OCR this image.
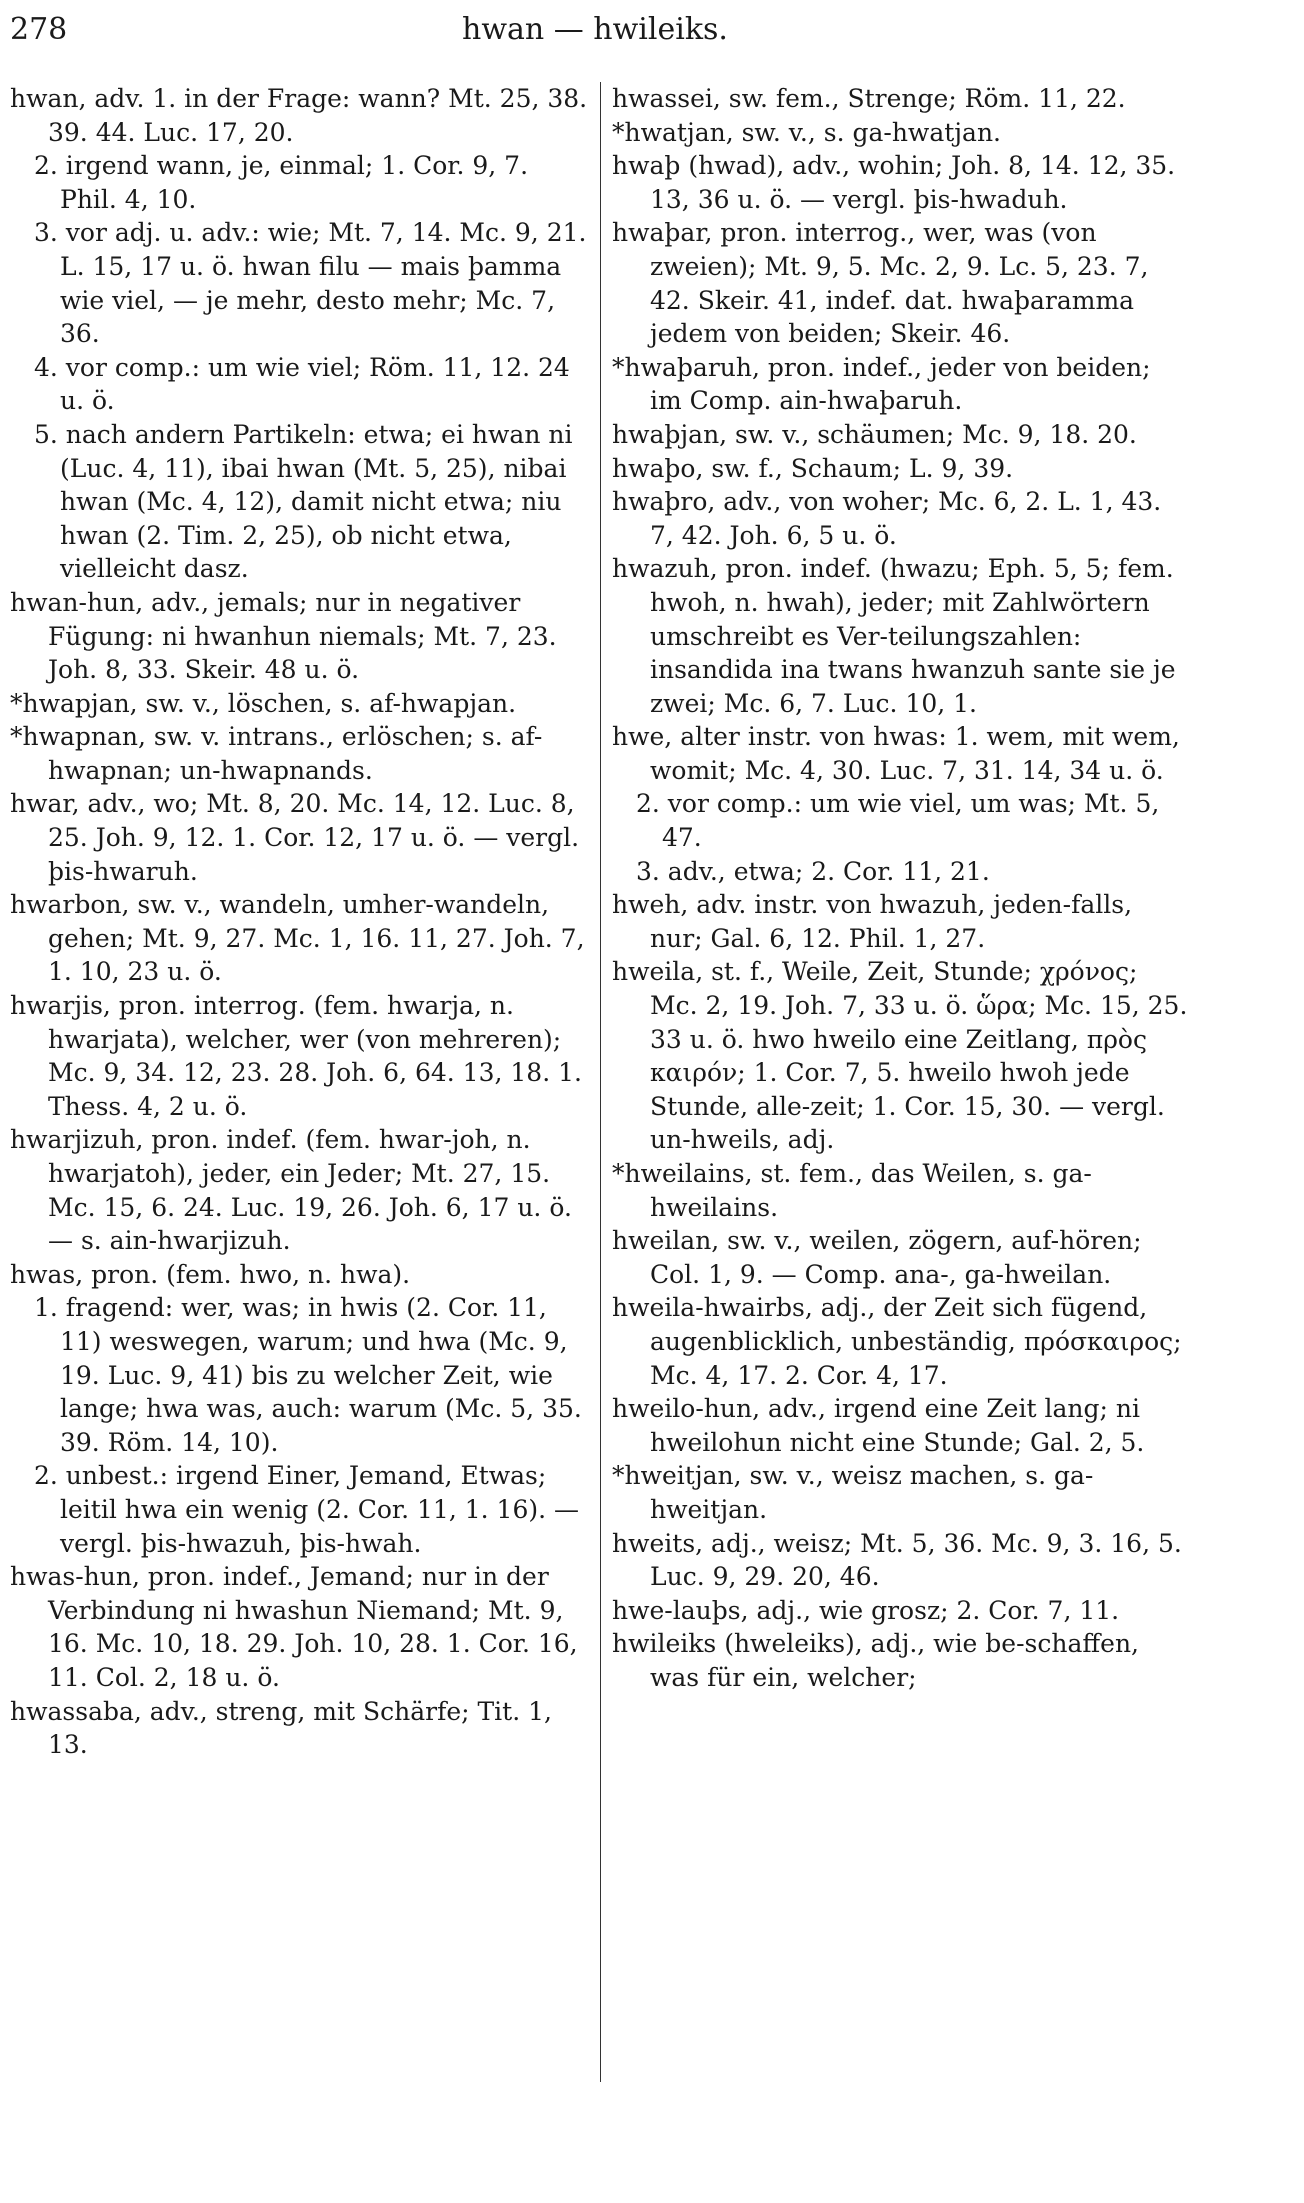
278	hwan — hwileiks.

hwan, adv. 1. in der Frage: wann? Mt. 25, 38. 39. 44. Luc. 17, 20.

2. irgend wann, je, einmal; 1. Cor. 9, 7. Phil. 4, 10.

3. vor adj. u. adv.: wie; Mt. 7, 14. Mc. 9, 21. L. 15, 17 u. ö. hwan filu — mais þamma wie viel, — je mehr, desto mehr; Mc. 7, 36.

4. vor comp.: um wie viel; Röm. 11, 12. 24 u. ö.

5. nach andern Partikeln: etwa; ei hwan ni (Luc. 4, 11), ibai hwan (Mt. 5, 25), nibai hwan (Mc. 4, 12), damit nicht etwa; niu hwan (2. Tim. 2, 25), ob nicht etwa, vielleicht dasz.

hwan-hun, adv., jemals; nur in negativer Fügung: ni hwanhun niemals; Mt. 7, 23. Joh. 8, 33. Skeir. 48 u. ö.

*hwapjan, sw. v., löschen, s. af-hwapjan.

*hwapnan, sw. v. intrans., erlöschen; s. af-hwapnan; un-hwapnands.

hwar, adv., wo; Mt. 8, 20. Mc. 14, 12. Luc. 8, 25. Joh. 9, 12. 1. Cor. 12, 17 u. ö. — vergl. þis-hwaruh.

hwarbon, sw. v., wandeln, umher-wandeln, gehen; Mt. 9, 27. Mc. 1, 16. 11, 27. Joh. 7, 1. 10, 23 u. ö.

hwarjis, pron. interrog. (fem. hwarja, n. hwarjata), welcher, wer (von mehreren); Mc. 9, 34. 12, 23. 28. Joh. 6, 64. 13, 18. 1. Thess. 4, 2 u. ö.

hwarjizuh, pron. indef. (fem. hwar-joh, n. hwarjatoh), jeder, ein Jeder; Mt. 27, 15. Mc. 15, 6. 24. Luc. 19, 26. Joh. 6, 17 u. ö. — s. ain-hwarjizuh.

hwas, pron. (fem. hwo, n. hwa).

1. fragend: wer, was; in hwis (2. Cor. 11, 11) weswegen, warum; und hwa (Mc. 9, 19. Luc. 9, 41) bis zu welcher Zeit, wie lange; hwa was, auch: warum (Mc. 5, 35. 39. Röm. 14, 10).

2. unbest.: irgend Einer, Jemand, Etwas; leitil hwa ein wenig (2. Cor. 11, 1. 16). — vergl. þis-hwazuh, þis-hwah.

hwas-hun, pron. indef., Jemand; nur in der Verbindung ni hwashun Niemand; Mt. 9, 16. Mc. 10, 18. 29. Joh. 10, 28. 1. Cor. 16, 11. Col. 2, 18 u. ö.

hwassaba, adv., streng, mit Schärfe; Tit. 1, 13.

hwassei, sw. fem., Strenge; Röm. 11, 22.

*hwatjan, sw. v., s. ga-hwatjan.

hwaþ (hwad), adv., wohin; Joh. 8, 14. 12, 35. 13, 36 u. ö. — vergl. þis-hwaduh.

hwaþar, pron. interrog., wer, was (von zweien); Mt. 9, 5. Mc. 2, 9. Lc. 5, 23. 7, 42. Skeir. 41, indef. dat. hwaþaramma jedem von beiden; Skeir. 46.

*hwaþaruh, pron. indef., jeder von beiden; im Comp. ain-hwaþaruh.

hwaþjan, sw. v., schäumen; Mc. 9, 18. 20.

hwaþo, sw. f., Schaum; L. 9, 39.

hwaþro, adv., von woher; Mc. 6, 2. L. 1, 43. 7, 42. Joh. 6, 5 u. ö.

hwazuh, pron. indef. (hwazu; Eph. 5, 5; fem. hwoh, n. hwah), jeder; mit Zahlwörtern umschreibt es Ver-teilungszahlen: insandida ina twans hwanzuh sante sie je zwei; Mc. 6, 7. Luc. 10, 1.

hwe, alter instr. von hwas: 1. wem, mit wem, womit; Mc. 4, 30. Luc. 7, 31. 14, 34 u. ö.

2. vor comp.: um wie viel, um was; Mt. 5, 47.

3. adv., etwa; 2. Cor. 11, 21.

hweh, adv. instr. von hwazuh, jeden-falls, nur; Gal. 6, 12. Phil. 1, 27.

hweila, st. f., Weile, Zeit, Stunde; χρόνος; Mc. 2, 19. Joh. 7, 33 u. ö. ὥρα; Mc. 15, 25. 33 u. ö. hwo hweilo eine Zeitlang, πρὸς καιρόν; 1. Cor. 7, 5. hweilo hwoh jede Stunde, alle-zeit; 1. Cor. 15, 30. — vergl. un-hweils, adj.

*hweilains, st. fem., das Weilen, s. ga-hweilains.

hweilan, sw. v., weilen, zögern, auf-hören; Col. 1, 9. — Comp. ana-, ga-hweilan.

hweila-hwairbs, adj., der Zeit sich fügend, augenblicklich, unbeständig, πρόσκαιρος; Mc. 4, 17. 2. Cor. 4, 17.

hweilo-hun, adv., irgend eine Zeit lang; ni hweilohun nicht eine Stunde; Gal. 2, 5.

*hweitjan, sw. v., weisz machen, s. ga-hweitjan.

hweits, adj., weisz; Mt. 5, 36. Mc. 9, 3. 16, 5. Luc. 9, 29. 20, 46.

hwe-lauþs, adj., wie grosz; 2. Cor. 7, 11.

hwileiks (hweleiks), adj., wie be-schaffen, was für ein, welcher;
